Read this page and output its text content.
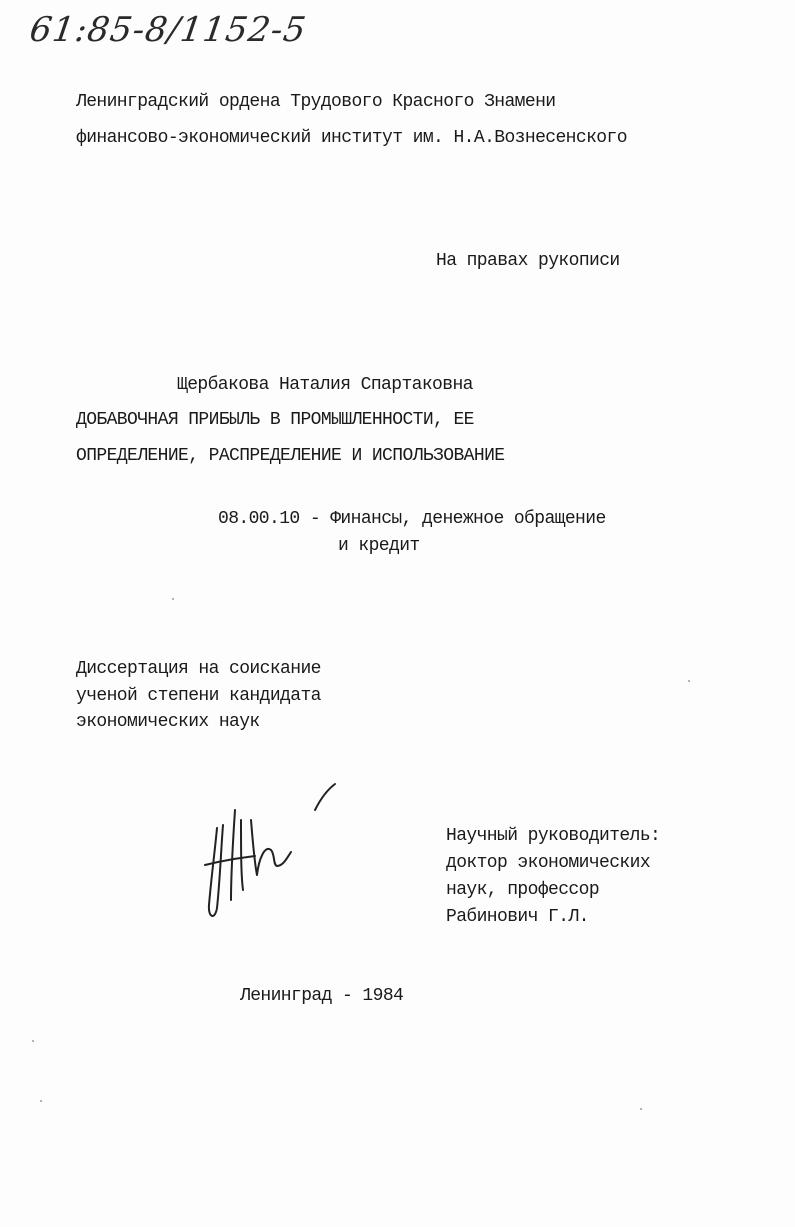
61:85-8/1152-5
Ленинградский ордена Трудового Красного Знамени
финансово-экономический институт им. Н.А.Вознесенского
На правах рукописи
Щербакова Наталия Спартаковна
ДОБАВОЧНАЯ ПРИБЫЛЬ В ПРОМЫШЛЕННОСТИ, ЕЕ
ОПРЕДЕЛЕНИЕ, РАСПРЕДЕЛЕНИЕ И ИСПОЛЬЗОВАНИЕ
08.00.10 - Финансы, денежное обращение
и кредит
Диссертация на соискание
ученой степени кандидата
экономических наук
Научный руководитель:
доктор экономических
наук, профессор
Рабинович Г.Л.
Ленинград - 1984
